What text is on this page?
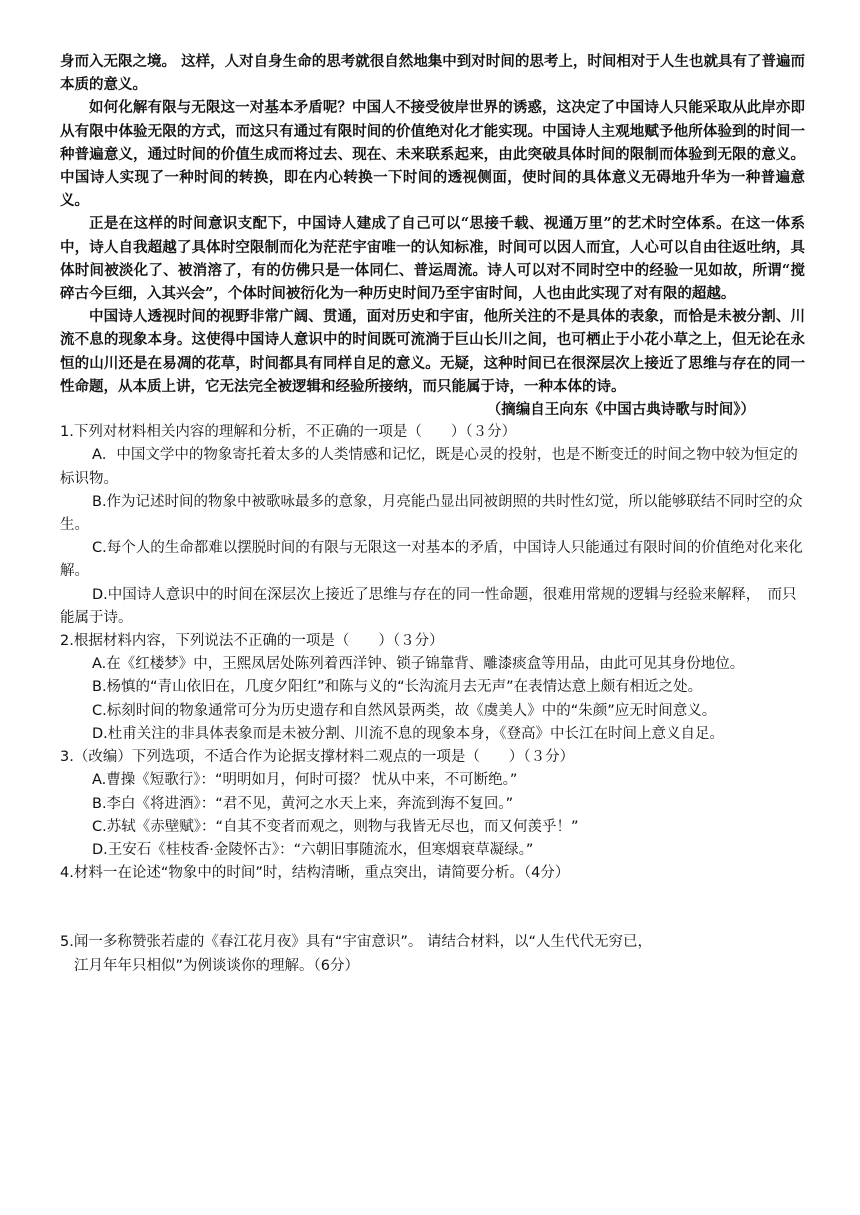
身而入无限之境。 这样，人对自身生命的思考就很自然地集中到对时间的思考上，时间相对于人生也就具有了普遍而本质的意义。

如何化解有限与无限这一对基本矛盾呢？中国人不接受彼岸世界的诱惑，这决定了中国诗人只能采取从此岸亦即从有限中体验无限的方式，而这只有通过有限时间的价值绝对化才能实现。中国诗人主观地赋予他所体验到的时间一种普遍意义，通过时间的价值生成而将过去、现在、未来联系起来，由此突破具体时间的限制而体验到无限的意义。中国诗人实现了一种时间的转换，即在内心转换一下时间的透视侧面，使时间的具体意义无碍地升华为一种普遍意义。

正是在这样的时间意识支配下，中国诗人建成了自己可以“思接千载、视通万里”的艺术时空体系。在这一体系中，诗人自我超越了具体时空限制而化为茫茫宇宙唯一的认知标准，时间可以因人而宜，人心可以自由往返吐纳，具体时间被淡化了、被消溶了，有的仿佛只是一体同仁、普运周流。诗人可以对不同时空中的经验一见如故，所谓“搅碎古今巨细，入其兴会”，个体时间被衍化为一种历史时间乃至宇宙时间，人也由此实现了对有限的超越。

中国诗人透视时间的视野非常广阔、贯通，面对历史和宇宙，他所关注的不是具体的表象，而恰是未被分割、川流不息的现象本身。这使得中国诗人意识中的时间既可流淌于巨山长川之间，也可栖止于小花小草之上，但无论在永恒的山川还是在易凋的花草，时间都具有同样自足的意义。无疑，这种时间已在很深层次上接近了思维与存在的同一性命题，从本质上讲，它无法完全被逻辑和经验所接纳，而只能属于诗，一种本体的诗。

（摘编自王向东《中国古典诗歌与时间》）

1.下列对材料相关内容的理解和分析，不正确的一项是（　　）（３分）

A．中国文学中的物象寄托着太多的人类情感和记忆，既是心灵的投射，也是不断变迁的时间之物中较为恒定的标识物。

B.作为记述时间的物象中被歌咏最多的意象，月亮能凸显出同被朗照的共时性幻觉，所以能够联结不同时空的众生。

C.每个人的生命都难以摆脱时间的有限与无限这一对基本的矛盾，中国诗人只能通过有限时间的价值绝对化来化解。

D.中国诗人意识中的时间在深层次上接近了思维与存在的同一性命题，很难用常规的逻辑与经验来解释，　而只能属于诗。

2.根据材料内容，下列说法不正确的一项是（　　）（３分）

A.在《红楼梦》中，王熙凤居处陈列着西洋钟、锁子锦靠背、雕漆痰盒等用品，由此可见其身份地位。

B.杨慎的“青山依旧在，几度夕阳红”和陈与义的“长沟流月去无声”在表情达意上颇有相近之处。

C.标刻时间的物象通常可分为历史遗存和自然风景两类，故《虞美人》中的“朱颜”应无时间意义。

D.杜甫关注的非具体表象而是未被分割、川流不息的现象本身，《登高》中长江在时间上意义自足。

3.（改编）下列选项，不适合作为论据支撑材料二观点的一项是（　　）（３分）

A.曹操《短歌行》：“明明如月，何时可掇？ 忧从中来，不可断绝。”

B.李白《将进酒》：“君不见，黄河之水天上来，奔流到海不复回。”

C.苏轼《赤壁赋》：“自其不变者而观之，则物与我皆无尽也，而又何羡乎！”

D.王安石《桂枝香·金陵怀古》：“六朝旧事随流水，但寒烟衰草凝绿。”

4.材料一在论述“物象中的时间”时，结构清晰，重点突出，请简要分析。（4分）

5.闻一多称赞张若虚的《春江花月夜》具有“宇宙意识”。 请结合材料，以“人生代代无穷已，

江月年年只相似”为例谈谈你的理解。（6分）
